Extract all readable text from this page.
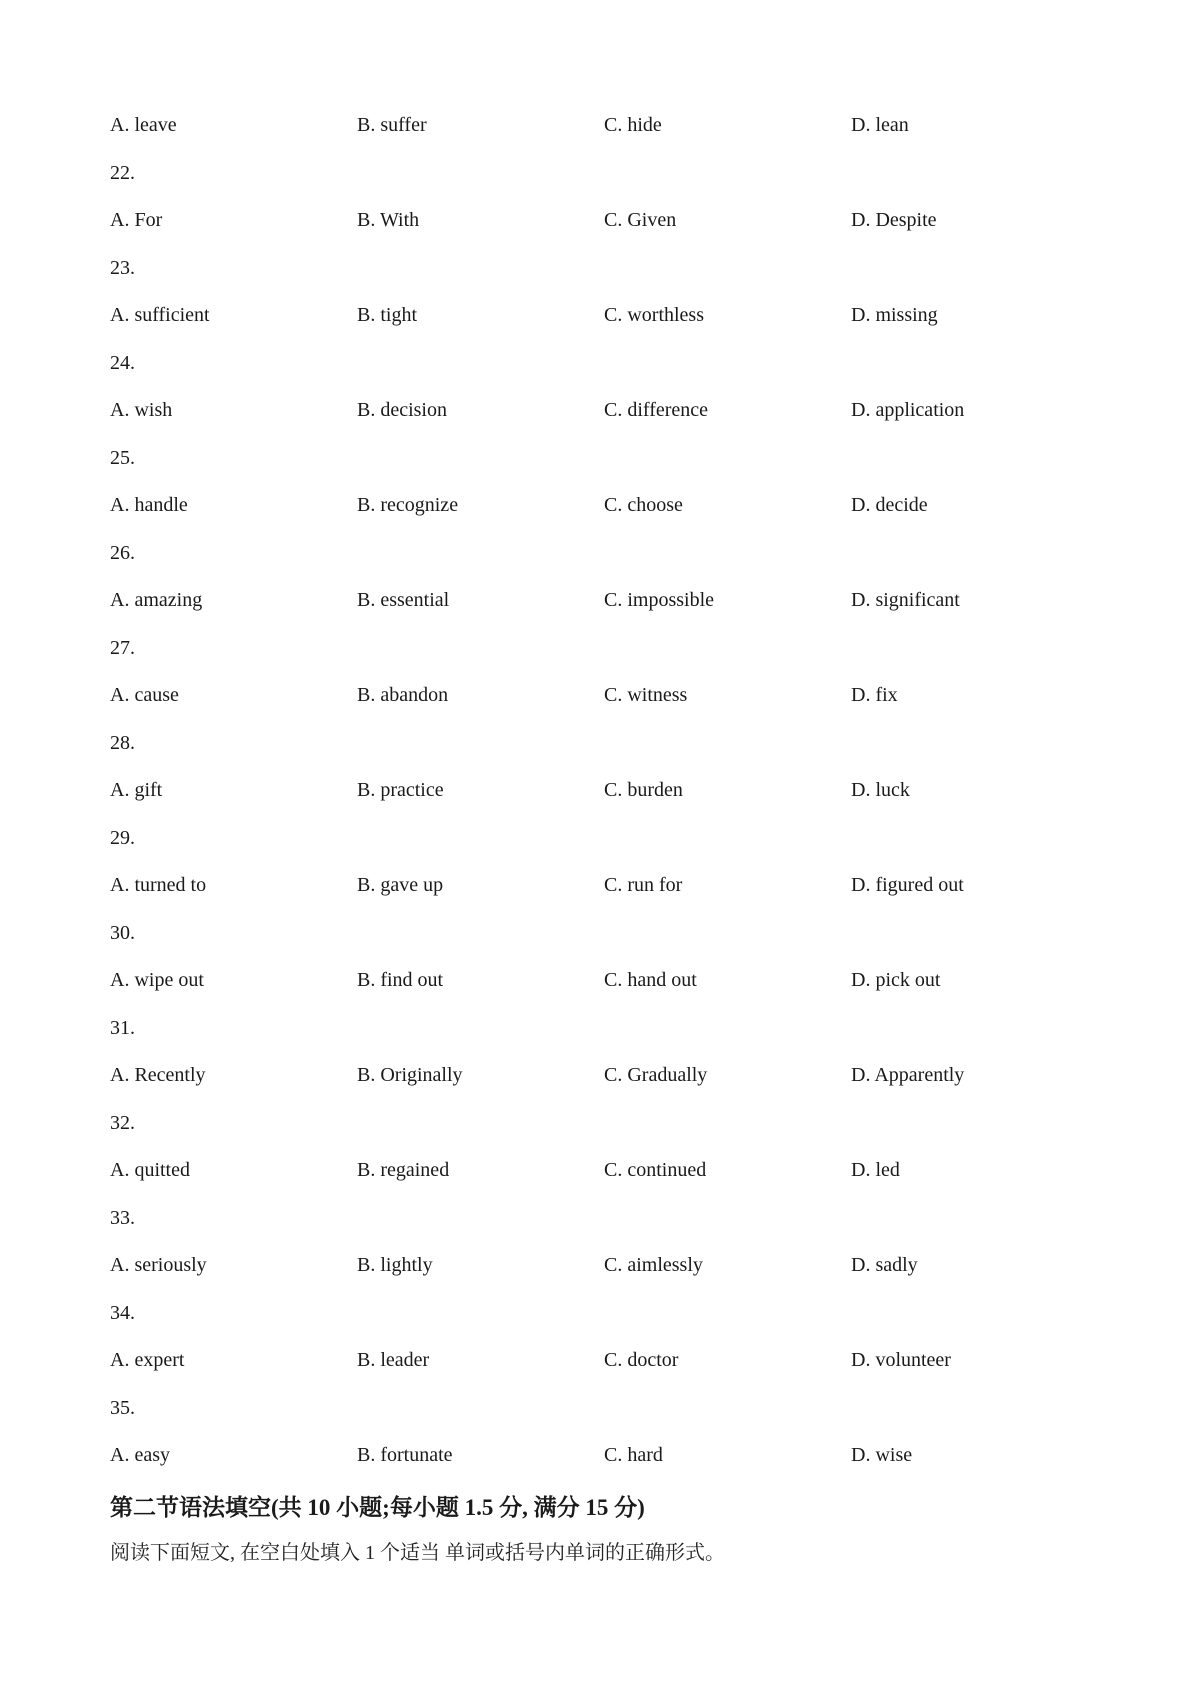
A. leave	B. suffer	C. hide	D. lean
22.
A. For	B. With	C. Given	D. Despite
23.
A. sufficient	B. tight	C. worthless	D. missing
24.
A. wish	B. decision	C. difference	D. application
25.
A. handle	B. recognize	C. choose	D. decide
26.
A. amazing	B. essential	C. impossible	D. significant
27.
A. cause	B. abandon	C. witness	D. fix
28.
A. gift	B. practice	C. burden	D. luck
29.
A. turned to	B. gave up	C. run for	D. figured out
30.
A. wipe out	B. find out	C. hand out	D. pick out
31.
A. Recently	B. Originally	C. Gradually	D. Apparently
32.
A. quitted	B. regained	C. continued	D. led
33.
A. seriously	B. lightly	C. aimlessly	D. sadly
34.
A. expert	B. leader	C. doctor	D. volunteer
35.
A. easy	B. fortunate	C. hard	D. wise
第二节语法填空(共 10 小题;每小题 1.5 分, 满分 15 分)
阅读下面短文, 在空白处填入 1 个适当 单词或括号内单词的正确形式。
